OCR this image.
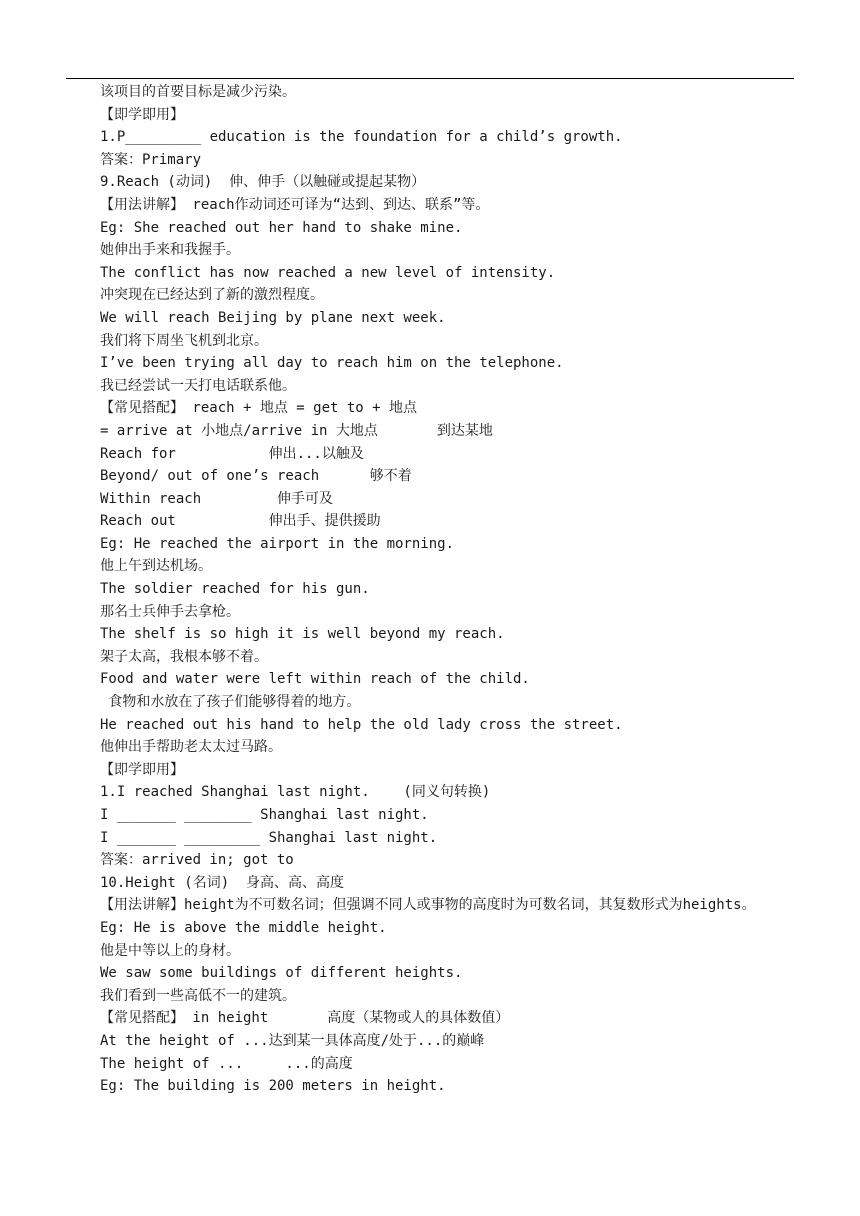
该项目的首要目标是减少污染。
【即学即用】
1.P_________ education is the foundation for a child’s growth.
答案：Primary
9.Reach (动词)  伸、伸手（以触碰或提起某物）
【用法讲解】 reach作动词还可译为“达到、到达、联系”等。
Eg: She reached out her hand to shake mine.
她伸出手来和我握手。
The conflict has now reached a new level of intensity.
冲突现在已经达到了新的激烈程度。
We will reach Beijing by plane next week.
我们将下周坐飞机到北京。
I’ve been trying all day to reach him on the telephone.
我已经尝试一天打电话联系他。
【常见搭配】 reach + 地点 = get to + 地点
= arrive at 小地点/arrive in 大地点       到达某地
Reach for           伸出...以触及
Beyond/ out of one’s reach      够不着
Within reach         伸手可及
Reach out           伸出手、提供援助
Eg: He reached the airport in the morning.
他上午到达机场。
The soldier reached for his gun.
那名士兵伸手去拿枪。
The shelf is so high it is well beyond my reach.
架子太高，我根本够不着。
Food and water were left within reach of the child.
食物和水放在了孩子们能够得着的地方。
He reached out his hand to help the old lady cross the street.
他伸出手帮助老太太过马路。
【即学即用】
1.I reached Shanghai last night.    (同义句转换)
I _______ ________ Shanghai last night.
I _______ _________ Shanghai last night.
答案：arrived in; got to
10.Height (名词)  身高、高、高度
【用法讲解】height为不可数名词；但强调不同人或事物的高度时为可数名词，其复数形式为heights。
Eg: He is above the middle height.
他是中等以上的身材。
We saw some buildings of different heights.
我们看到一些高低不一的建筑。
【常见搭配】 in height       高度（某物或人的具体数值）
At the height of ...达到某一具体高度/处于...的巅峰
The height of ...     ...的高度
Eg: The building is 200 meters in height.
